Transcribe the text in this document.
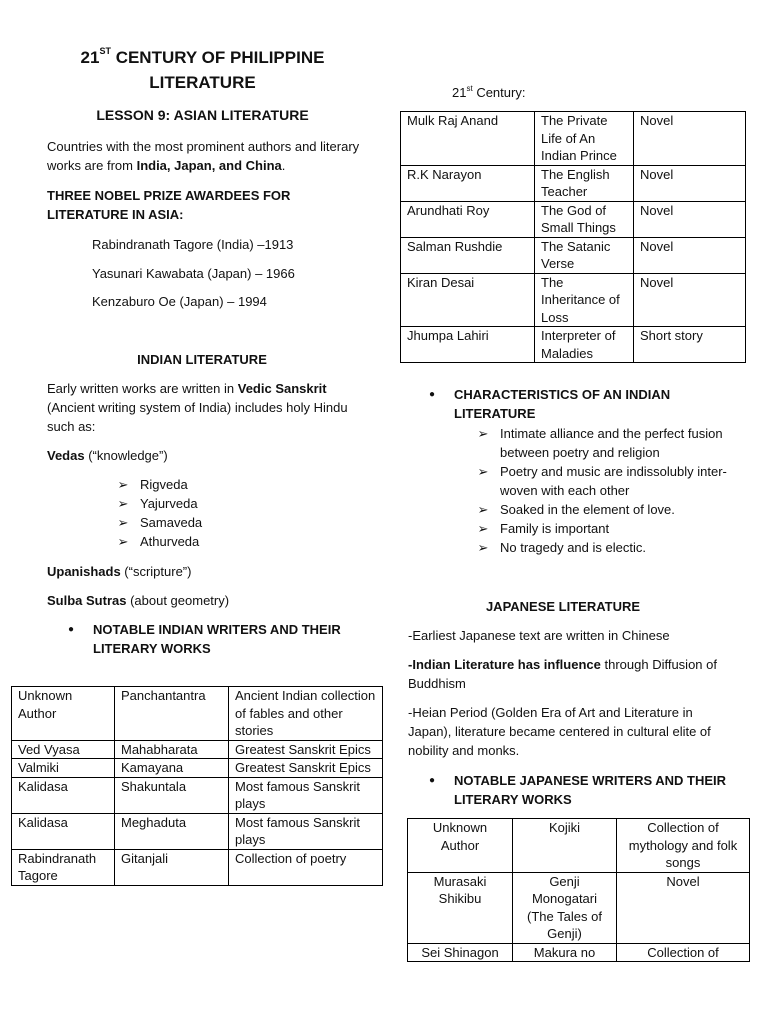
21ST CENTURY OF PHILIPPINE
LITERATURE
LESSON 9: ASIAN LITERATURE

Countries with the most prominent authors and literary works are from India, Japan, and China.

THREE NOBEL PRIZE AWARDEES FOR
LITERATURE IN ASIA:
Rabindranath Tagore (India) –1913
Yasunari Kawabata (Japan) – 1966
Kenzaburo Oe (Japan) – 1994
INDIAN LITERATURE

Early written works are written in Vedic Sanskrit (Ancient writing system of India) includes holy Hindu such as:

Vedas (“knowledge”)
➢ Rigveda
➢ Yajurveda
➢ Samaveda
➢ Athurveda
Upanishads (“scripture”)
Sulba Sutras (about geometry)
● NOTABLE INDIAN WRITERS AND THEIR
LITERARY WORKS
Unknown Author	Panchantantra	Ancient Indian collection of fables and other stories
Ved Vyasa	Mahabharata	Greatest Sanskrit Epics
Valmiki	Kamayana	Greatest Sanskrit Epics
Kalidasa	Shakuntala	Most famous Sanskrit plays
Kalidasa	Meghaduta	Most famous Sanskrit plays
Rabindranath Tagore	Gitanjali	Collection of poetry
21st Century:
Mulk Raj Anand	The Private Life of An Indian Prince	Novel
R.K Narayon	The English Teacher	Novel
Arundhati Roy	The God of Small Things	Novel
Salman Rushdie	The Satanic Verse	Novel
Kiran Desai	The Inheritance of Loss	Novel
Jhumpa Lahiri	Interpreter of Maladies	Short story
● CHARACTERISTICS OF AN INDIAN
LITERATURE
➢ Intimate alliance and the perfect fusion between poetry and religion
➢ Poetry and music are indissolubly inter-woven with each other
➢ Soaked in the element of love.
➢ Family is important
➢ No tragedy and is electic.
JAPANESE LITERATURE
-Earliest Japanese text are written in Chinese

-Indian Literature has influence through Diffusion of Buddhism

-Heian Period (Golden Era of Art and Literature in Japan), literature became centered in cultural elite of nobility and monks.

● NOTABLE JAPANESE WRITERS AND THEIR
LITERARY WORKS
Unknown Author	Kojiki	Collection of mythology and folk songs
Murasaki Shikibu	Genji Monogatari (The Tales of Genji)	Novel
Sei Shinagon	Makura no	Collection of
